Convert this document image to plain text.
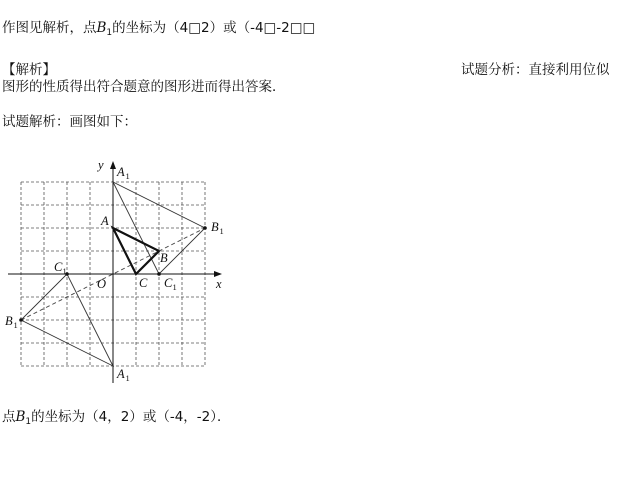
作图见解析，点$B_1$的坐标为（4□2）或（-4□-2□□
【解析】	试题分析：直接利用位似
图形的性质得出符合题意的图形进而得出答案．
试题解析：画图如下：
A
B
C
A 1
B 1
C 1
A 1
B 1
C 1
O	x
y
点$B_1$的坐标为（4，2）或（-4，-2）．
